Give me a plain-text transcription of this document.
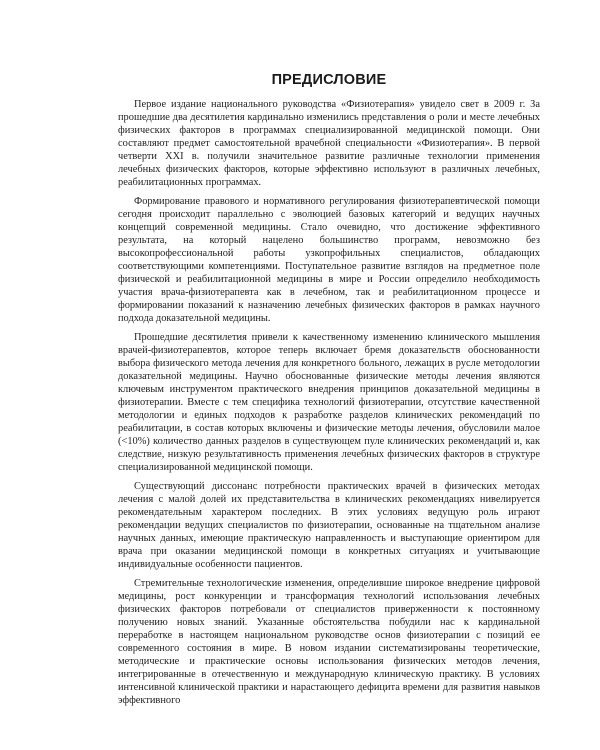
ПРЕДИСЛОВИЕ

Первое издание национального руководства «Физиотерапия» увидело свет в 2009 г. За прошедшие два десятилетия кардинально изменились представления о роли и месте лечебных физических факторов в программах специализированной медицинской помощи. Они составляют предмет самостоятельной врачебной специальности «Физиотерапия». В первой четверти XXI в. получили значительное развитие различные технологии применения лечебных физических факторов, которые эффективно используют в различных лечебных, реабилитационных программах.

Формирование правового и нормативного регулирования физиотерапевтической помощи сегодня происходит параллельно с эволюцией базовых категорий и ведущих научных концепций современной медицины. Стало очевидно, что достижение эффективного результата, на который нацелено большинство программ, невозможно без высокопрофессиональной работы узкопрофильных специалистов, обладающих соответствующими компетенциями. Поступательное развитие взглядов на предметное поле физической и реабилитационной медицины в мире и России определило необходимость участия врача-физиотерапевта как в лечебном, так и реабилитационном процессе и формировании показаний к назначению лечебных физических факторов в рамках научного подхода доказательной медицины.

Прошедшие десятилетия привели к качественному изменению клинического мышления врачей-физиотерапевтов, которое теперь включает бремя доказательств обоснованности выбора физического метода лечения для конкретного больного, лежащих в русле методологии доказательной медицины. Научно обоснованные физические методы лечения являются ключевым инструментом практического внедрения принципов доказательной медицины в физиотерапии. Вместе с тем специфика технологий физиотерапии, отсутствие качественной методологии и единых подходов к разработке разделов клинических рекомендаций по реабилитации, в состав которых включены и физические методы лечения, обусловили малое (<10%) количество данных разделов в существующем пуле клинических рекомендаций и, как следствие, низкую результативность применения лечебных физических факторов в структуре специализированной медицинской помощи.

Существующий диссонанс потребности практических врачей в физических методах лечения с малой долей их представительства в клинических рекомендациях нивелируется рекомендательным характером последних. В этих условиях ведущую роль играют рекомендации ведущих специалистов по физиотерапии, основанные на тщательном анализе научных данных, имеющие практическую направленность и выступающие ориентиром для врача при оказании медицинской помощи в конкретных ситуациях и учитывающие индивидуальные особенности пациентов.

Стремительные технологические изменения, определившие широкое внедрение цифровой медицины, рост конкуренции и трансформация технологий использования лечебных физических факторов потребовали от специалистов приверженности к постоянному получению новых знаний. Указанные обстоятельства побудили нас к кардинальной переработке в настоящем национальном руководстве основ физиотерапии с позиций ее современного состояния в мире. В новом издании систематизированы теоретические, методические и практические основы использования физических методов лечения, интегрированные в отечественную и международную клиническую практику. В условиях интенсивной клинической практики и нарастающего дефицита времени для развития навыков эффективного
